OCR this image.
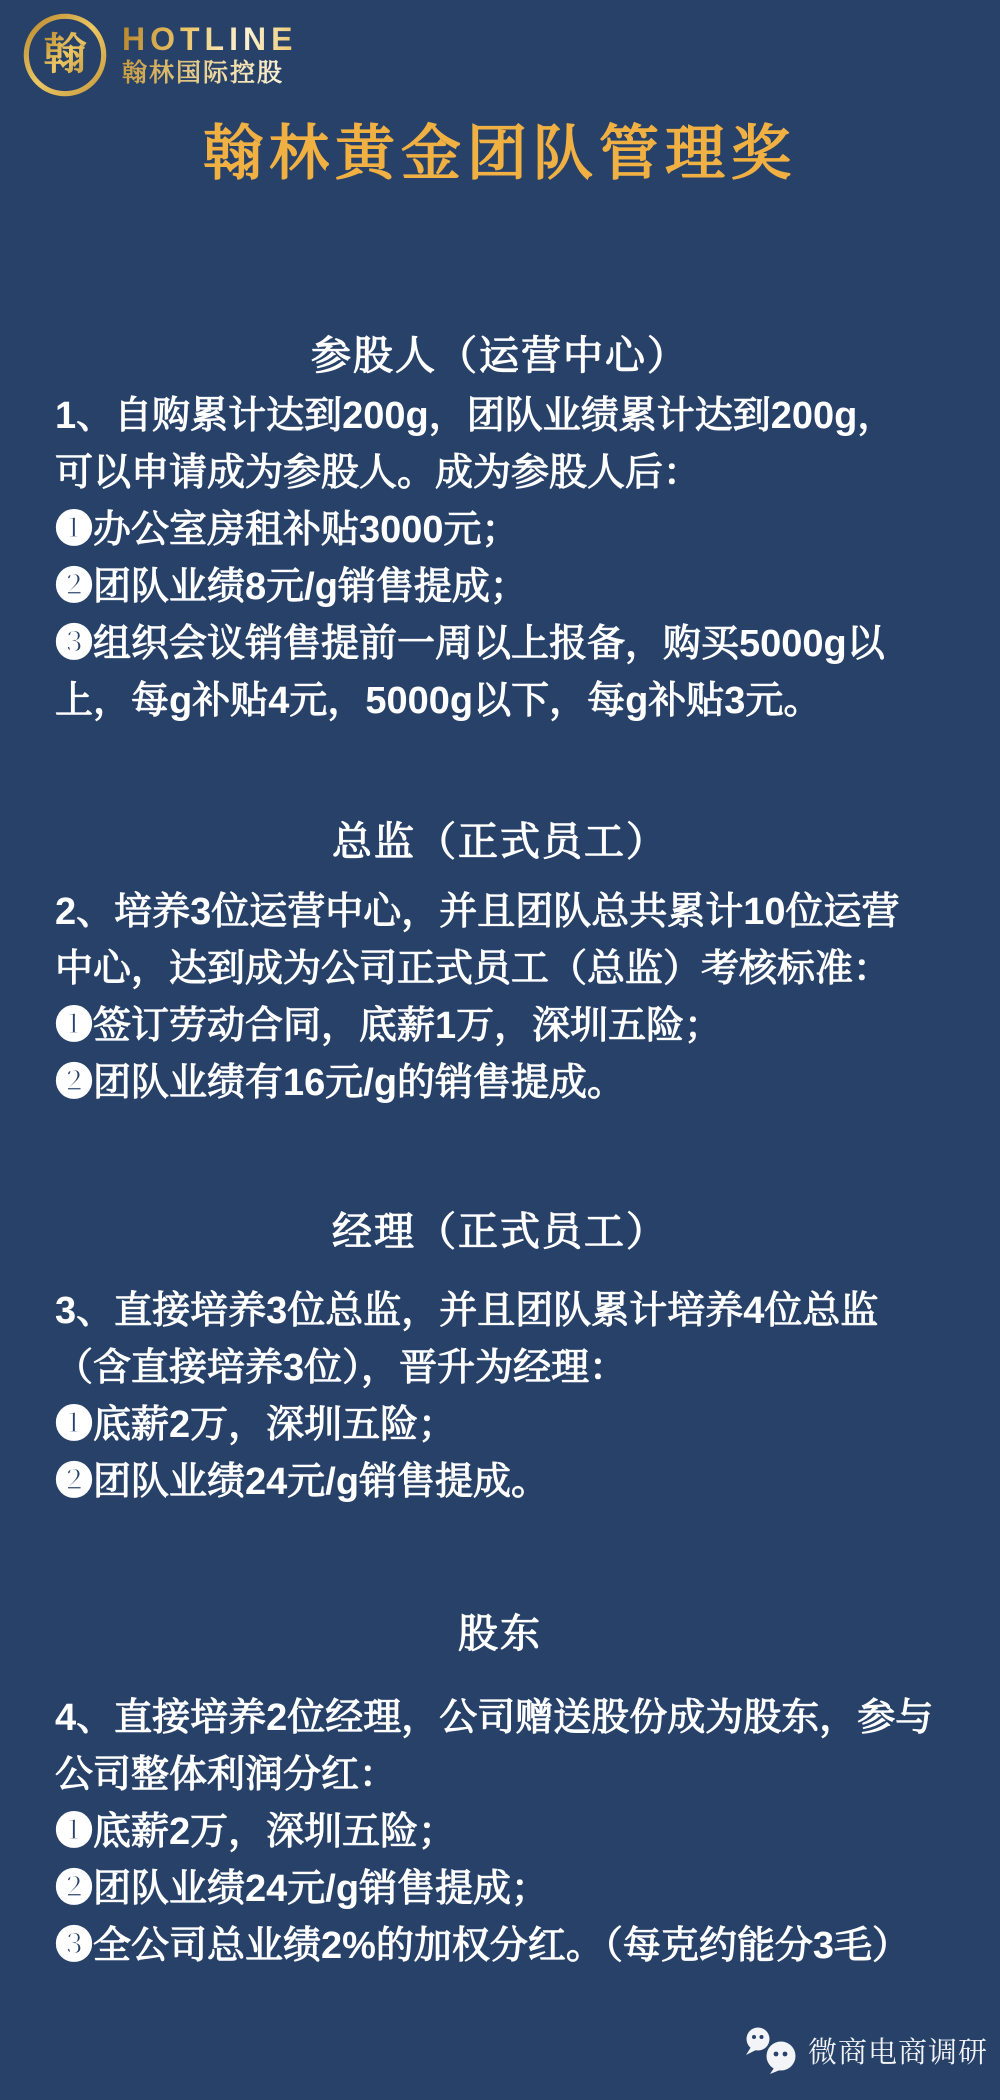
翰 HOTLINE
翰林国际控股
翰林黄金团队管理奖
参股人（运营中心）
1、自购累计达到200g，团队业绩累计达到200g，
可以申请成为参股人。成为参股人后：
❶办公室房租补贴3000元；
❷团队业绩8元/g销售提成；
❸组织会议销售提前一周以上报备，购买5000g以
上，每g补贴4元，5000g以下，每g补贴3元。
总监（正式员工）
2、培养3位运营中心，并且团队总共累计10位运营
中心，达到成为公司正式员工（总监）考核标准：
❶签订劳动合同，底薪1万，深圳五险；
❷团队业绩有16元/g的销售提成。
经理（正式员工）
3、直接培养3位总监，并且团队累计培养4位总监
（含直接培养3位），晋升为经理：
❶底薪2万，深圳五险；
❷团队业绩24元/g销售提成。
股东
4、直接培养2位经理，公司赠送股份成为股东，参与
公司整体利润分红：
❶底薪2万，深圳五险；
❷团队业绩24元/g销售提成；
❸全公司总业绩2%的加权分红。（每克约能分3毛）
微商电商调研
